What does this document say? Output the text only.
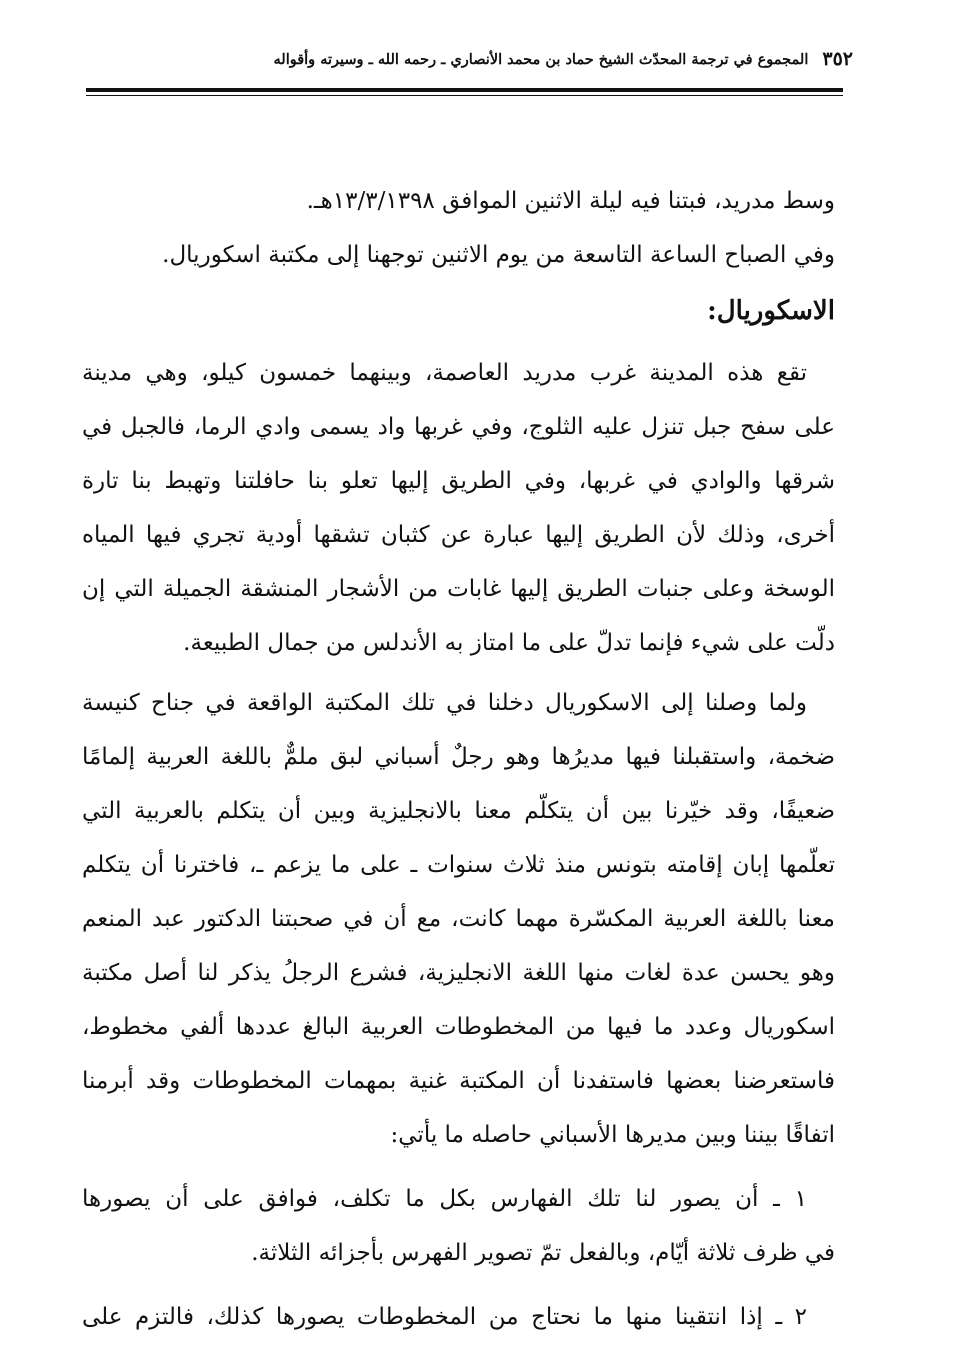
٣٥٢
المجموع في ترجمة المحدّث الشيخ حماد بن محمد الأنصاري ـ رحمه الله ـ وسيرته وأقواله
وسط مدريد، فبتنا فيه ليلة الاثنين الموافق ١٣/٣/١٣٩٨هـ.
وفي الصباح الساعة التاسعة من يوم الاثنين توجهنا إلى مكتبة اسكوريال.
الاسكوريال:
تقع هذه المدينة غرب مدريد العاصمة، وبينهما خمسون كيلو، وهي مدينة
على سفح جبل تنزل عليه الثلوج، وفي غربها واد يسمى وادي الرما، فالجبل في
شرقها والوادي في غربها، وفي الطريق إليها تعلو بنا حافلتنا وتهبط بنا تارة
أخرى، وذلك لأن الطريق إليها عبارة عن كثبان تشقها أودية تجري فيها المياه
الوسخة وعلى جنبات الطريق إليها غابات من الأشجار المنشقة الجميلة التي إن
دلّت على شيء فإنما تدلّ على ما امتاز به الأندلس من جمال الطبيعة.
ولما وصلنا إلى الاسكوريال دخلنا في تلك المكتبة الواقعة في جناح كنيسة
ضخمة، واستقبلنا فيها مديرُها وهو رجلٌ أسباني لبق ملمٌّ باللغة العربية إلمامًا
ضعيفًا، وقد خيّرنا بين أن يتكلّم معنا بالانجليزية وبين أن يتكلم بالعربية التي
تعلّمها إبان إقامته بتونس منذ ثلاث سنوات ـ على ما يزعم ـ، فاخترنا أن يتكلم
معنا باللغة العربية المكسّرة مهما كانت، مع أن في صحبتنا الدكتور عبد المنعم
وهو يحسن عدة لغات منها اللغة الانجليزية، فشرع الرجلُ يذكر لنا أصل مكتبة
اسكوريال وعدد ما فيها من المخطوطات العربية البالغ عددها ألفي مخطوط،
فاستعرضنا بعضها فاستفدنا أن المكتبة غنية بمهمات المخطوطات وقد أبرمنا
اتفاقًا بيننا وبين مديرها الأسباني حاصله ما يأتي:
١ ـ أن يصور لنا تلك الفهارس بكل ما تكلف، فوافق على أن يصورها
في ظرف ثلاثة أيّام، وبالفعل تمّ تصوير الفهرس بأجزائه الثلاثة.
٢ ـ إذا انتقينا منها ما نحتاج من المخطوطات يصورها كذلك، فالتزم على
